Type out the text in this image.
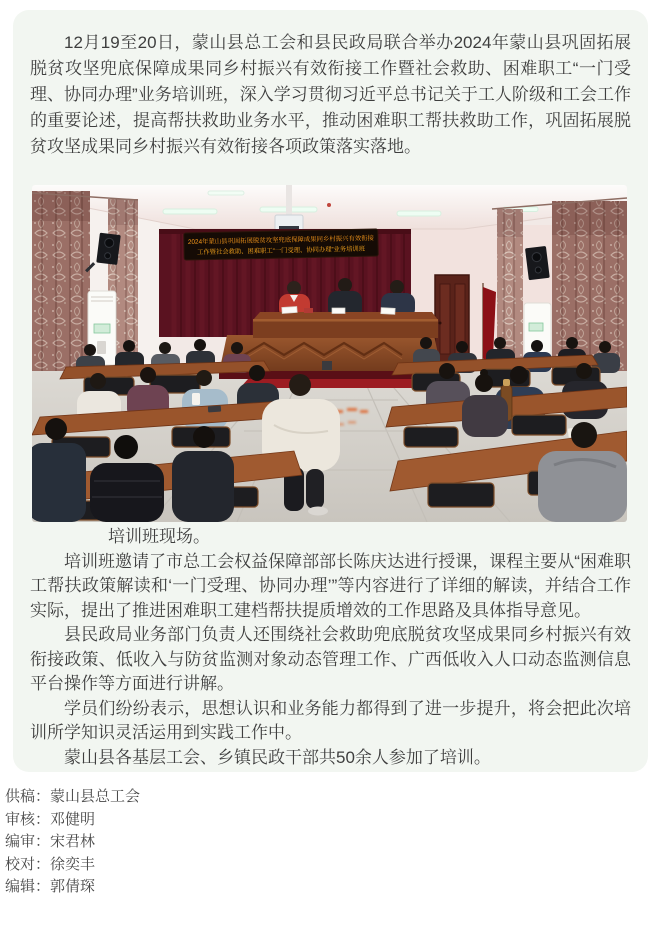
12月19至20日，蒙山县总工会和县民政局联合举办2024年蒙山县巩固拓展脱贫攻坚兜底保障成果同乡村振兴有效衔接工作暨社会救助、困难职工“一门受理、协同办理”业务培训班，深入学习贯彻习近平总书记关于工人阶级和工会工作的重要论述，提高帮扶救助业务水平，推动困难职工帮扶救助工作，巩固拓展脱贫攻坚成果同乡村振兴有效衔接各项政策落实落地。

2024年蒙山县巩固拓展脱贫攻坚兜底保障成果同乡村振兴有效衔接
工作暨社会救助、困难职工“一门受理、协同办理”业务培训班

培训班现场。

培训班邀请了市总工会权益保障部部长陈庆达进行授课，课程主要从“困难职工帮扶政策解读和‘一门受理、协同办理’”等内容进行了详细的解读，并结合工作实际，提出了推进困难职工建档帮扶提质增效的工作思路及具体指导意见。

县民政局业务部门负责人还围绕社会救助兜底脱贫攻坚成果同乡村振兴有效衔接政策、低收入与防贫监测对象动态管理工作、广西低收入人口动态监测信息平台操作等方面进行讲解。

学员们纷纷表示，思想认识和业务能力都得到了进一步提升，将会把此次培训所学知识灵活运用到实践工作中。

蒙山县各基层工会、乡镇民政干部共50余人参加了培训。

供稿：蒙山县总工会
审核：邓健明
编审：宋君林
校对：徐奕丰
编辑：郭倩琛
